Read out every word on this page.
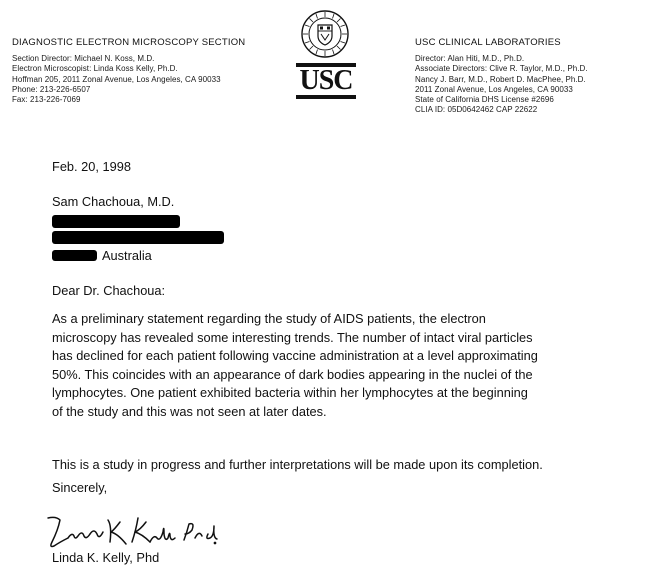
DIAGNOSTIC ELECTRON MICROSCOPY SECTION
Section Director: Michael N. Koss, M.D.
Electron Microscopist: Linda Koss Kelly, Ph.D.
Hoffman 205, 2011 Zonal Avenue, Los Angeles, CA 90033
Phone: 213-226-6507
Fax: 213-226-7069
USC
USC CLINICAL LABORATORIES
Director: Alan Hiti, M.D., Ph.D.
Associate Directors: Clive R. Taylor, M.D., Ph.D.
Nancy J. Barr, M.D., Robert D. MacPhee, Ph.D.
2011 Zonal Avenue, Los Angeles, CA 90033
State of California DHS License #2696
CLIA ID: 05D0642462 CAP 22622
Feb. 20, 1998
Sam Chachoua, M.D.
Australia
Dear Dr. Chachoua:
As a preliminary statement regarding the study of AIDS patients, the electron
microscopy has revealed some interesting trends. The number of intact viral particles
has declined for each patient following vaccine administration at a level approximating
50%. This coincides with an appearance of dark bodies appearing in the nuclei of the
lymphocytes. One patient exhibited bacteria within her lymphocytes at the beginning
of the study and this was not seen at later dates.
This is a study in progress and further interpretations will be made upon its completion.
Sincerely,
Linda K. Kelly, Phd
